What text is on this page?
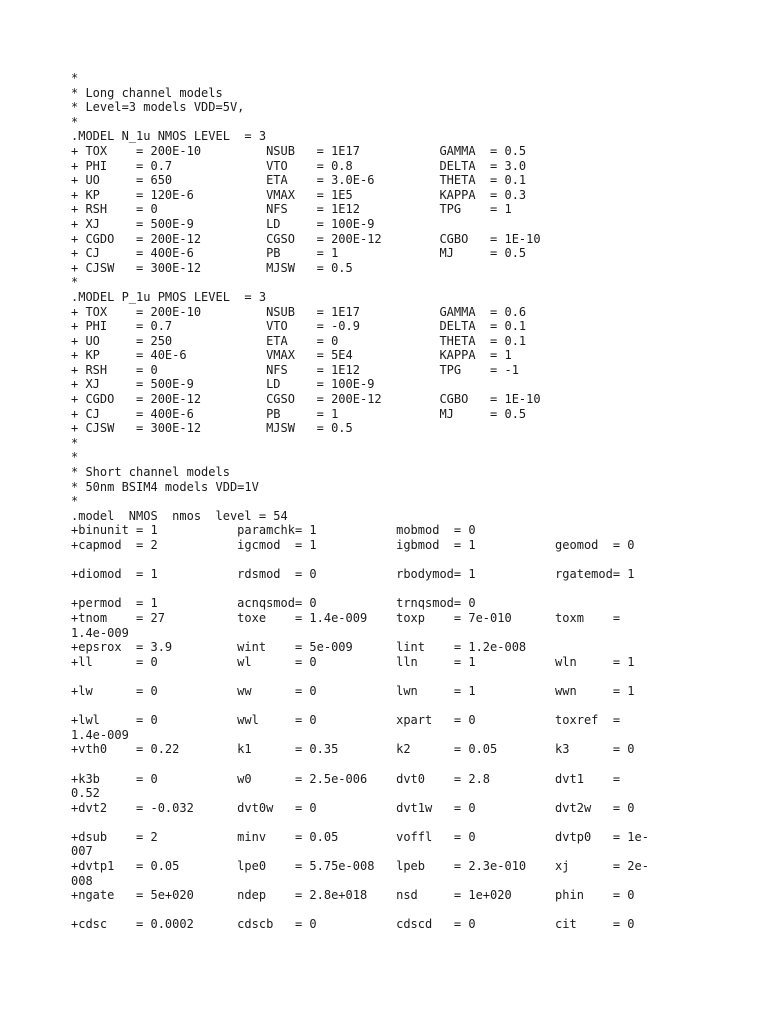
*
* Long channel models
* Level=3 models VDD=5V,
*
.MODEL N_1u NMOS LEVEL  = 3
+ TOX    = 200E-10         NSUB   = 1E17           GAMMA  = 0.5
+ PHI    = 0.7             VTO    = 0.8            DELTA  = 3.0
+ UO     = 650             ETA    = 3.0E-6         THETA  = 0.1
+ KP     = 120E-6          VMAX   = 1E5            KAPPA  = 0.3
+ RSH    = 0               NFS    = 1E12           TPG    = 1
+ XJ     = 500E-9          LD     = 100E-9
+ CGDO   = 200E-12         CGSO   = 200E-12        CGBO   = 1E-10
+ CJ     = 400E-6          PB     = 1              MJ     = 0.5
+ CJSW   = 300E-12         MJSW   = 0.5
*
.MODEL P_1u PMOS LEVEL  = 3
+ TOX    = 200E-10         NSUB   = 1E17           GAMMA  = 0.6
+ PHI    = 0.7             VTO    = -0.9           DELTA  = 0.1
+ UO     = 250             ETA    = 0              THETA  = 0.1
+ KP     = 40E-6           VMAX   = 5E4            KAPPA  = 1
+ RSH    = 0               NFS    = 1E12           TPG    = -1
+ XJ     = 500E-9          LD     = 100E-9
+ CGDO   = 200E-12         CGSO   = 200E-12        CGBO   = 1E-10
+ CJ     = 400E-6          PB     = 1              MJ     = 0.5
+ CJSW   = 300E-12         MJSW   = 0.5
*
*
* Short channel models
* 50nm BSIM4 models VDD=1V
*
.model  NMOS  nmos  level = 54
+binunit = 1           paramchk= 1           mobmod  = 0
+capmod  = 2           igcmod  = 1           igbmod  = 1           geomod  = 0
+diomod  = 1           rdsmod  = 0           rbodymod= 1           rgatemod= 1
+permod  = 1           acnqsmod= 0           trnqsmod= 0
+tnom    = 27          toxe    = 1.4e-009    toxp    = 7e-010      toxm    =
1.4e-009
+epsrox  = 3.9         wint    = 5e-009      lint    = 1.2e-008
+ll      = 0           wl      = 0           lln     = 1           wln     = 1
+lw      = 0           ww      = 0           lwn     = 1           wwn     = 1
+lwl     = 0           wwl     = 0           xpart   = 0           toxref  =
1.4e-009
+vth0    = 0.22        k1      = 0.35        k2      = 0.05        k3      = 0
+k3b     = 0           w0      = 2.5e-006    dvt0    = 2.8         dvt1    =
0.52
+dvt2    = -0.032      dvt0w   = 0           dvt1w   = 0           dvt2w   = 0
+dsub    = 2           minv    = 0.05        voffl   = 0           dvtp0   = 1e-
007
+dvtp1   = 0.05        lpe0    = 5.75e-008   lpeb    = 2.3e-010    xj      = 2e-
008
+ngate   = 5e+020      ndep    = 2.8e+018    nsd     = 1e+020      phin    = 0
+cdsc    = 0.0002      cdscb   = 0           cdscd   = 0           cit     = 0
